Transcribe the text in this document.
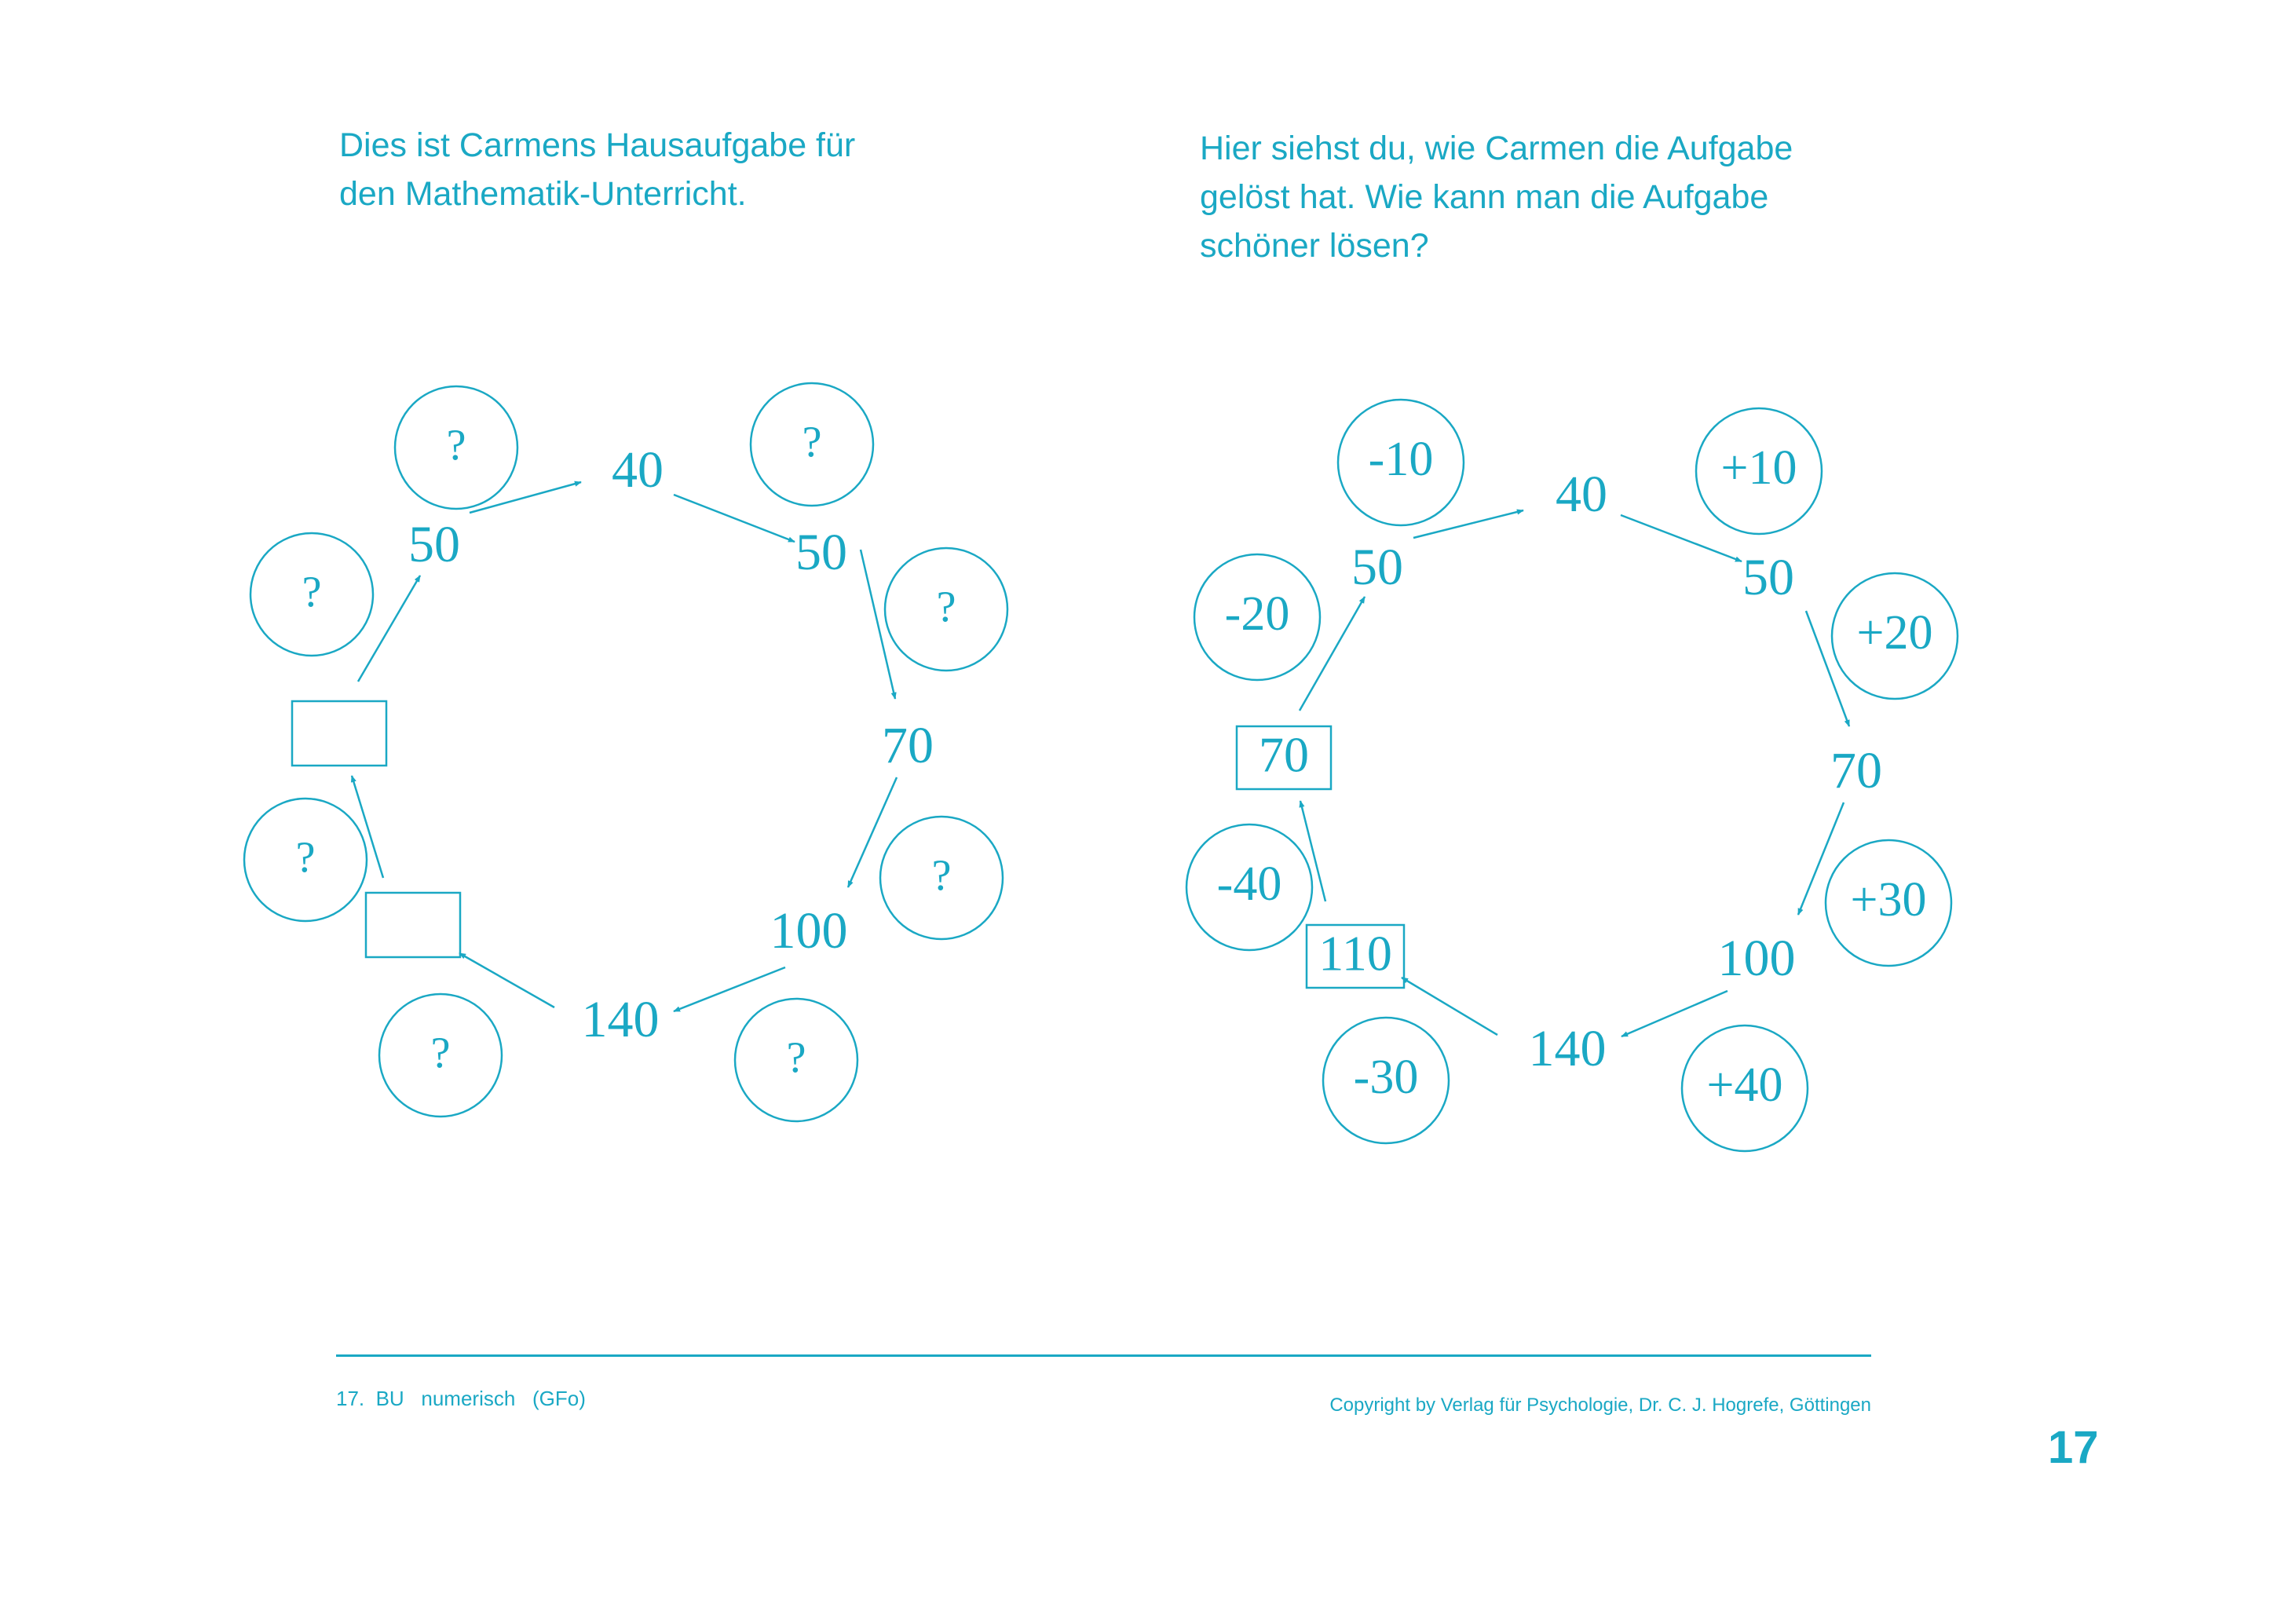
Dies ist Carmens Hausaufgabe für
den Mathematik-Unterricht.

Hier siehst du, wie Carmen die Aufgabe
gelöst hat. Wie kann man die Aufgabe
schöner lösen?

?	?
?	?
?	?
?	?
40
50
70
100
140
50
-10	+10
-20	+20
-40	+30
-30	+40
40
50
70
100
140
50
70
110
17.  BU   numerisch   (GFo)	Copyright by Verlag für Psychologie, Dr. C. J. Hogrefe, Göttingen
17
